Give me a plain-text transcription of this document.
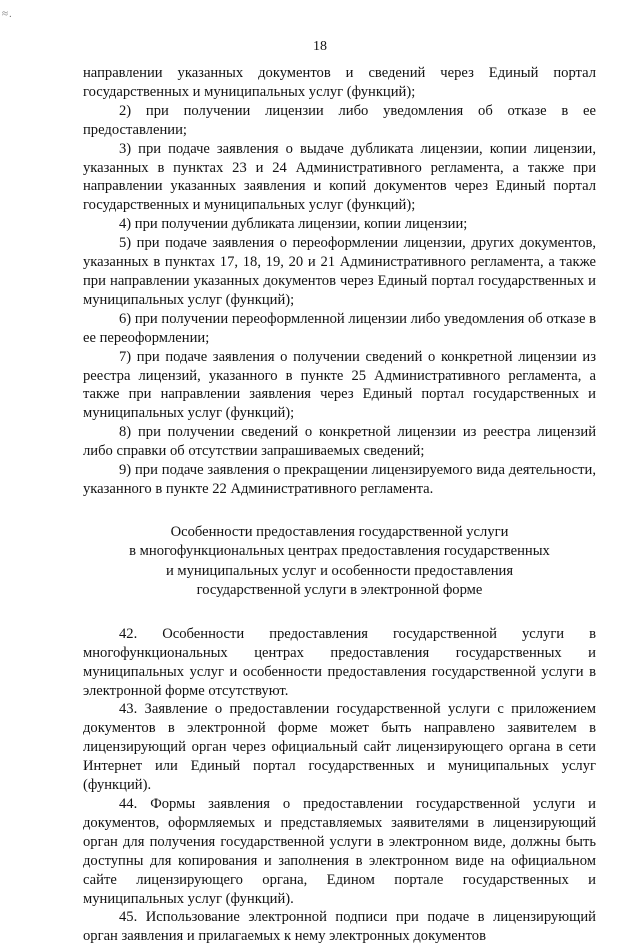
≈.
18

направлении указанных документов и сведений через Единый портал государственных и муниципальных услуг (функций);

2) при получении лицензии либо уведомления об отказе в ее предоставлении;

3) при подаче заявления о выдаче дубликата лицензии, копии лицензии, указанных в пунктах 23 и 24 Административного регламента, а также при направлении указанных заявления и копий документов через Единый портал государственных и муниципальных услуг (функций);

4) при получении дубликата лицензии, копии лицензии;

5) при подаче заявления о переоформлении лицензии, других документов, указанных в пунктах 17, 18, 19, 20 и 21 Административного регламента, а также при направлении указанных документов через Единый портал государственных и муниципальных услуг (функций);

6) при получении переоформленной лицензии либо уведомления об отказе в ее переоформлении;

7) при подаче заявления о получении сведений о конкретной лицензии из реестра лицензий, указанного в пункте 25 Административного регламента, а также при направлении заявления через Единый портал государственных и муниципальных услуг (функций);

8) при получении сведений о конкретной лицензии из реестра лицензий либо справки об отсутствии запрашиваемых сведений;

9) при подаче заявления о прекращении лицензируемого вида деятельности, указанного в пункте 22 Административного регламента.

Особенности предоставления государственной услуги
в многофункциональных центрах предоставления государственных
и муниципальных услуг и особенности предоставления
государственной услуги в электронной форме

42. Особенности предоставления государственной услуги в многофункциональных центрах предоставления государственных и муниципальных услуг и особенности предоставления государственной услуги в электронной форме отсутствуют.

43. Заявление о предоставлении государственной услуги с приложением документов в электронной форме может быть направлено заявителем в лицензирующий орган через официальный сайт лицензирующего органа в сети Интернет или Единый портал государственных и муниципальных услуг (функций).

44. Формы заявления о предоставлении государственной услуги и документов, оформляемых и представляемых заявителями в лицензирующий орган для получения государственной услуги в электронном виде, должны быть доступны для копирования и заполнения в электронном виде на официальном сайте лицензирующего органа, Едином портале государственных и муниципальных услуг (функций).

45. Использование электронной подписи при подаче в лицензирующий орган заявления и прилагаемых к нему электронных документов
